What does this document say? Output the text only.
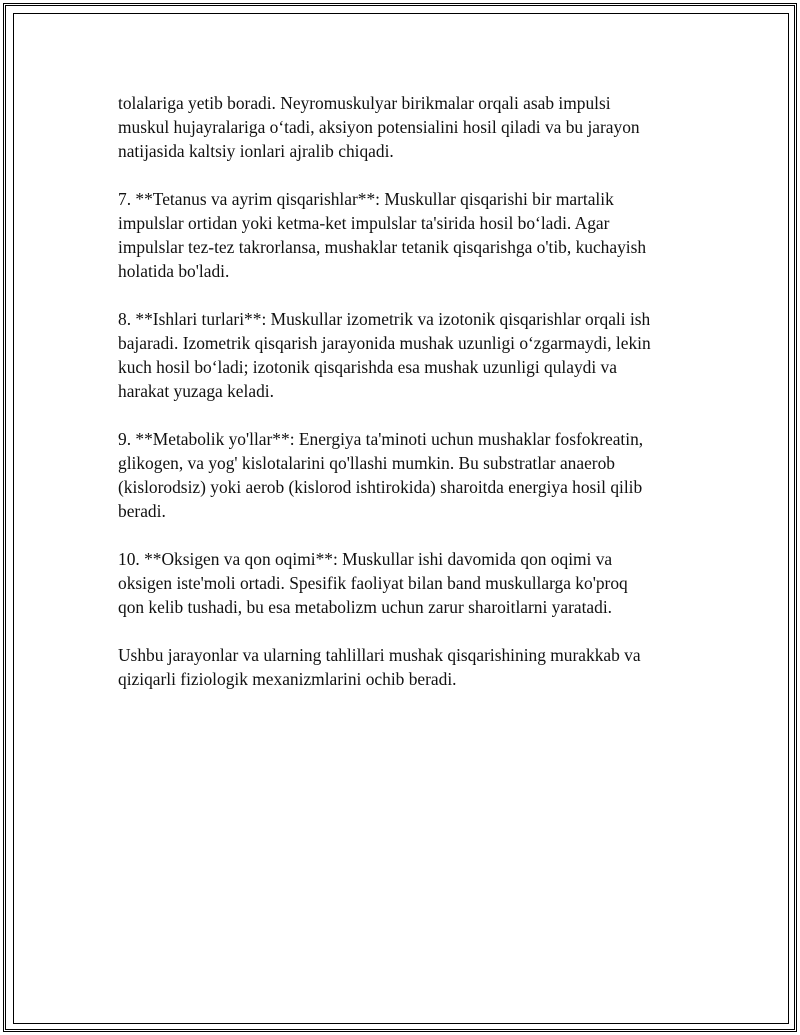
tolalariga yetib boradi. Neyromuskulyar birikmalar orqali asab impulsi
muskul hujayralariga o‘tadi, aksiyon potensialini hosil qiladi va bu jarayon
natijasida kaltsiy ionlari ajralib chiqadi.

7. **Tetanus va ayrim qisqarishlar**: Muskullar qisqarishi bir martalik
impulslar ortidan yoki ketma-ket impulslar ta'sirida hosil bo‘ladi. Agar
impulslar tez-tez takrorlansa, mushaklar tetanik qisqarishga o'tib, kuchayish
holatida bo'ladi.

8. **Ishlari turlari**: Muskullar izometrik va izotonik qisqarishlar orqali ish
bajaradi. Izometrik qisqarish jarayonida mushak uzunligi o‘zgarmaydi, lekin
kuch hosil bo‘ladi; izotonik qisqarishda esa mushak uzunligi qulaydi va
harakat yuzaga keladi.

9. **Metabolik yo'llar**: Energiya ta'minoti uchun mushaklar fosfokreatin,
glikogen, va yog' kislotalarini qo'llashi mumkin. Bu substratlar anaerob
(kislorodsiz) yoki aerob (kislorod ishtirokida) sharoitda energiya hosil qilib
beradi.

10. **Oksigen va qon oqimi**: Muskullar ishi davomida qon oqimi va
oksigen iste'moli ortadi. Spesifik faoliyat bilan band muskullarga ko'proq
qon kelib tushadi, bu esa metabolizm uchun zarur sharoitlarni yaratadi.

Ushbu jarayonlar va ularning tahlillari mushak qisqarishining murakkab va
qiziqarli fiziologik mexanizmlarini ochib beradi.
